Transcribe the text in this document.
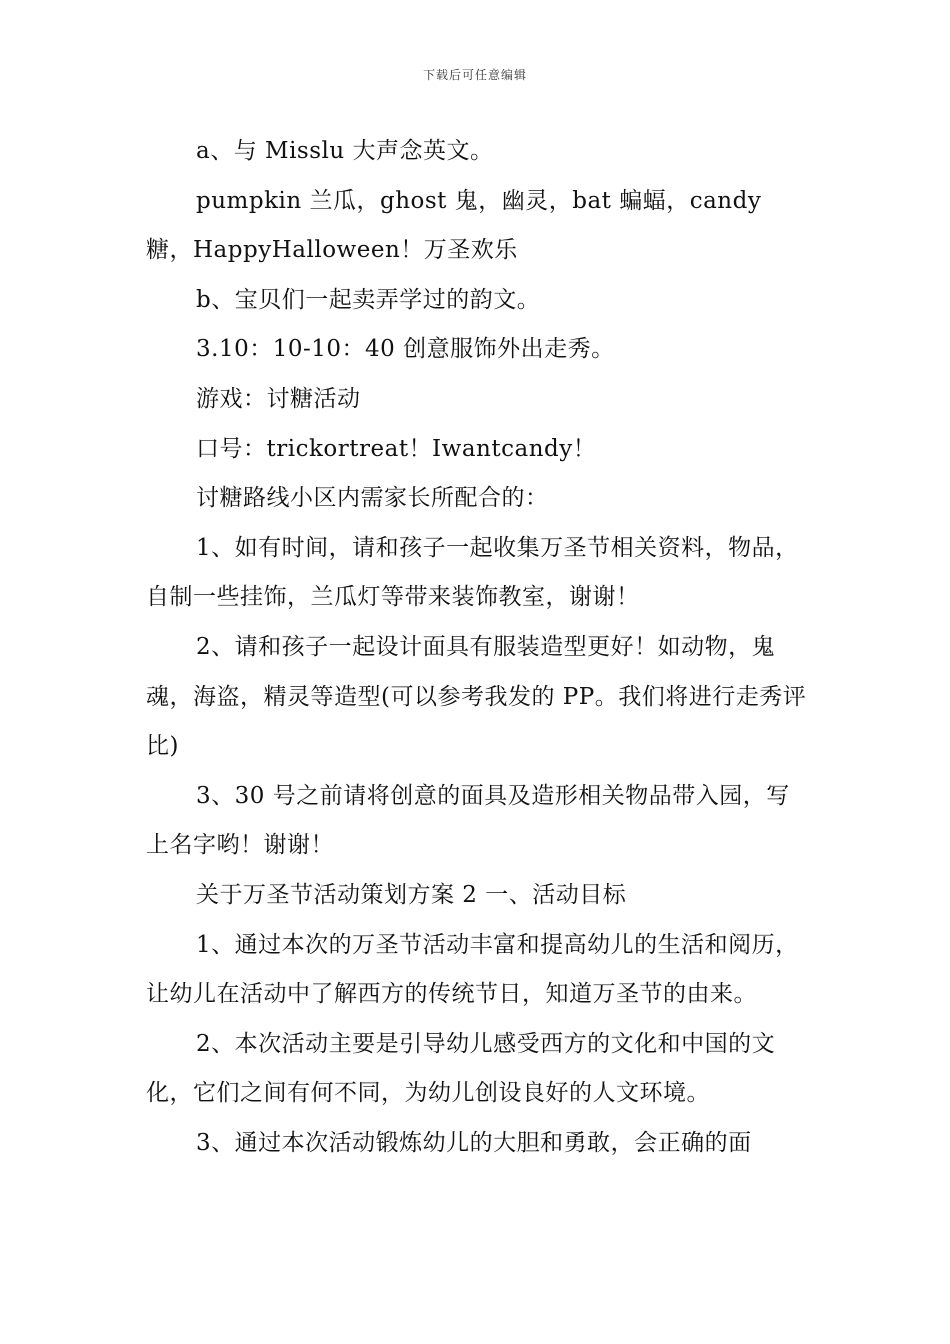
下载后可任意编辑

a、与 Misslu 大声念英文。

pumpkin 兰瓜，ghost 鬼，幽灵，bat 蝙蝠，candy 糖，HappyHalloween！万圣欢乐

b、宝贝们一起卖弄学过的韵文。

3.10：10-10：40 创意服饰外出走秀。

游戏：讨糖活动

口号：trickortreat！Iwantcandy！

讨糖路线小区内需家长所配合的：

1、如有时间，请和孩子一起收集万圣节相关资料，物品，自制一些挂饰，兰瓜灯等带来装饰教室，谢谢！

2、请和孩子一起设计面具有服装造型更好！如动物，鬼魂，海盗，精灵等造型(可以参考我发的 PP。我们将进行走秀评比)

3、30 号之前请将创意的面具及造形相关物品带入园，写上名字哟！谢谢！

关于万圣节活动策划方案 2 一、活动目标

1、通过本次的万圣节活动丰富和提高幼儿的生活和阅历，让幼儿在活动中了解西方的传统节日，知道万圣节的由来。

2、本次活动主要是引导幼儿感受西方的文化和中国的文化，它们之间有何不同，为幼儿创设良好的人文环境。

3、通过本次活动锻炼幼儿的大胆和勇敢，会正确的面
